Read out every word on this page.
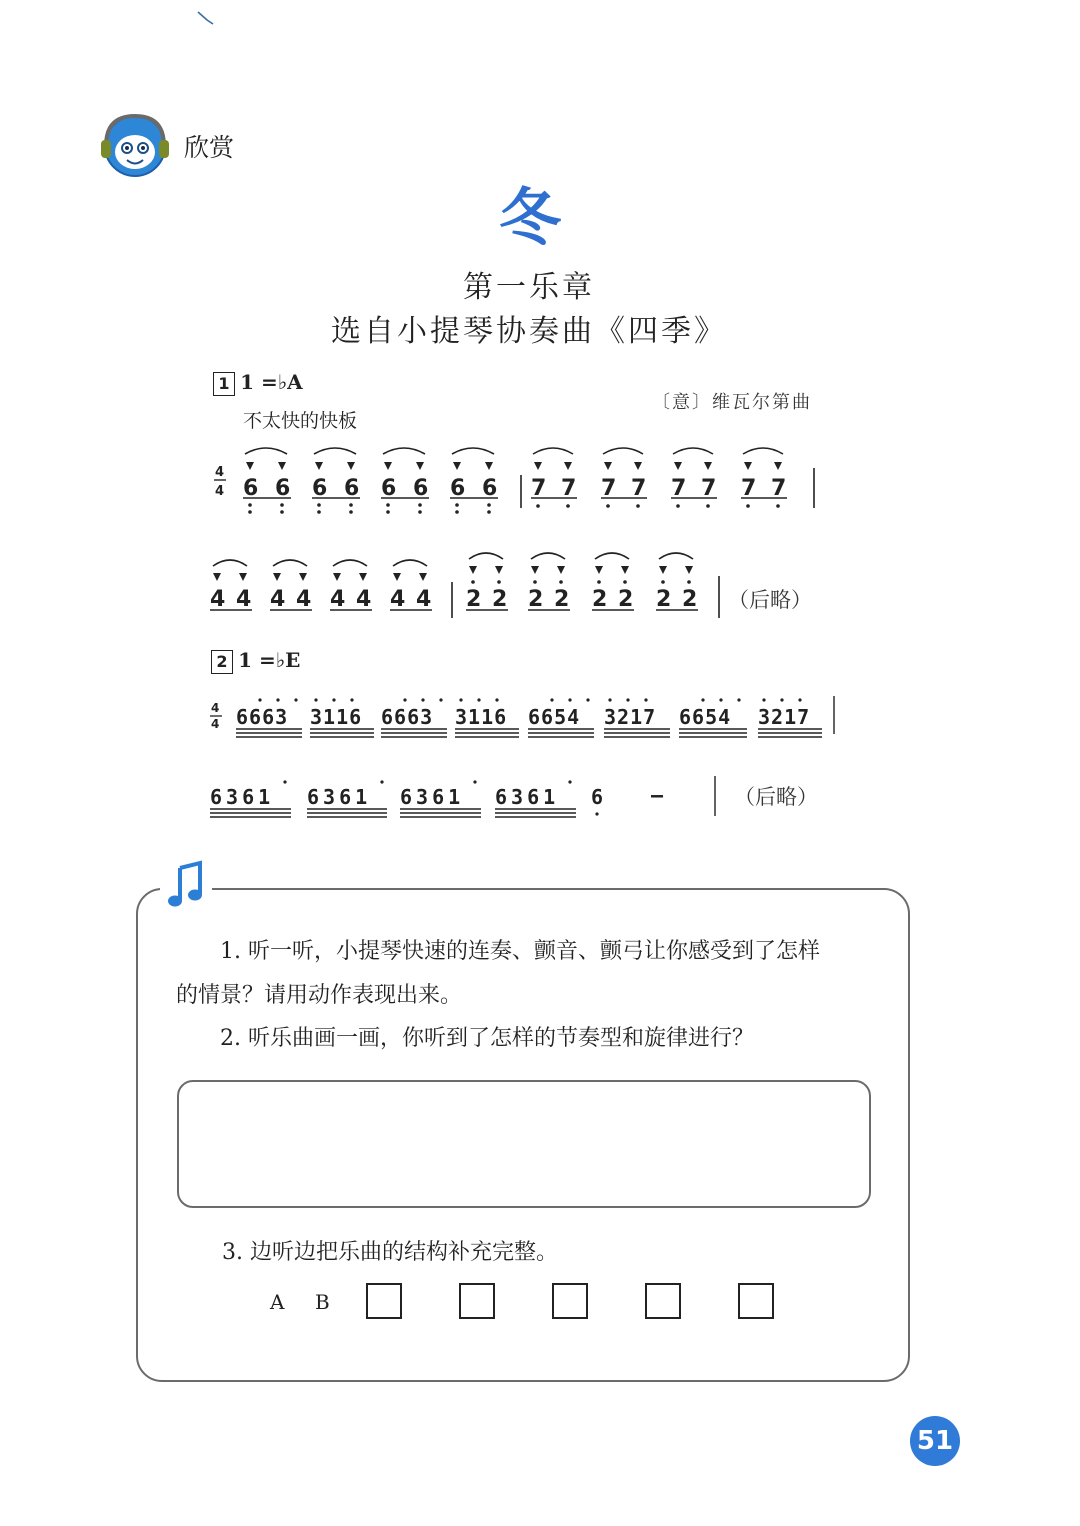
欣赏
冬
第一乐章
选自小提琴协奏曲《四季》
1 1 =♭A
不太快的快板
〔意〕维瓦尔第曲
4
4 6 6 6 6 6 6 6 6 7 7 7 7 7 7 7 7
4 4 4 4 4 4 4 4 2 2 2 2 2 2 2 2 （后略）
2 1 =♭E
4
4 6663 3116 6663 3116 6654 3217 6654 3217
6361 6361 6361 6361 6 –	（后略）
1. 听一听，小提琴快速的连奏、颤音、颤弓让你感受到了怎样
的情景？请用动作表现出来。
2. 听乐曲画一画，你听到了怎样的节奏型和旋律进行？
3. 边听边把乐曲的结构补充完整。
A B
51
